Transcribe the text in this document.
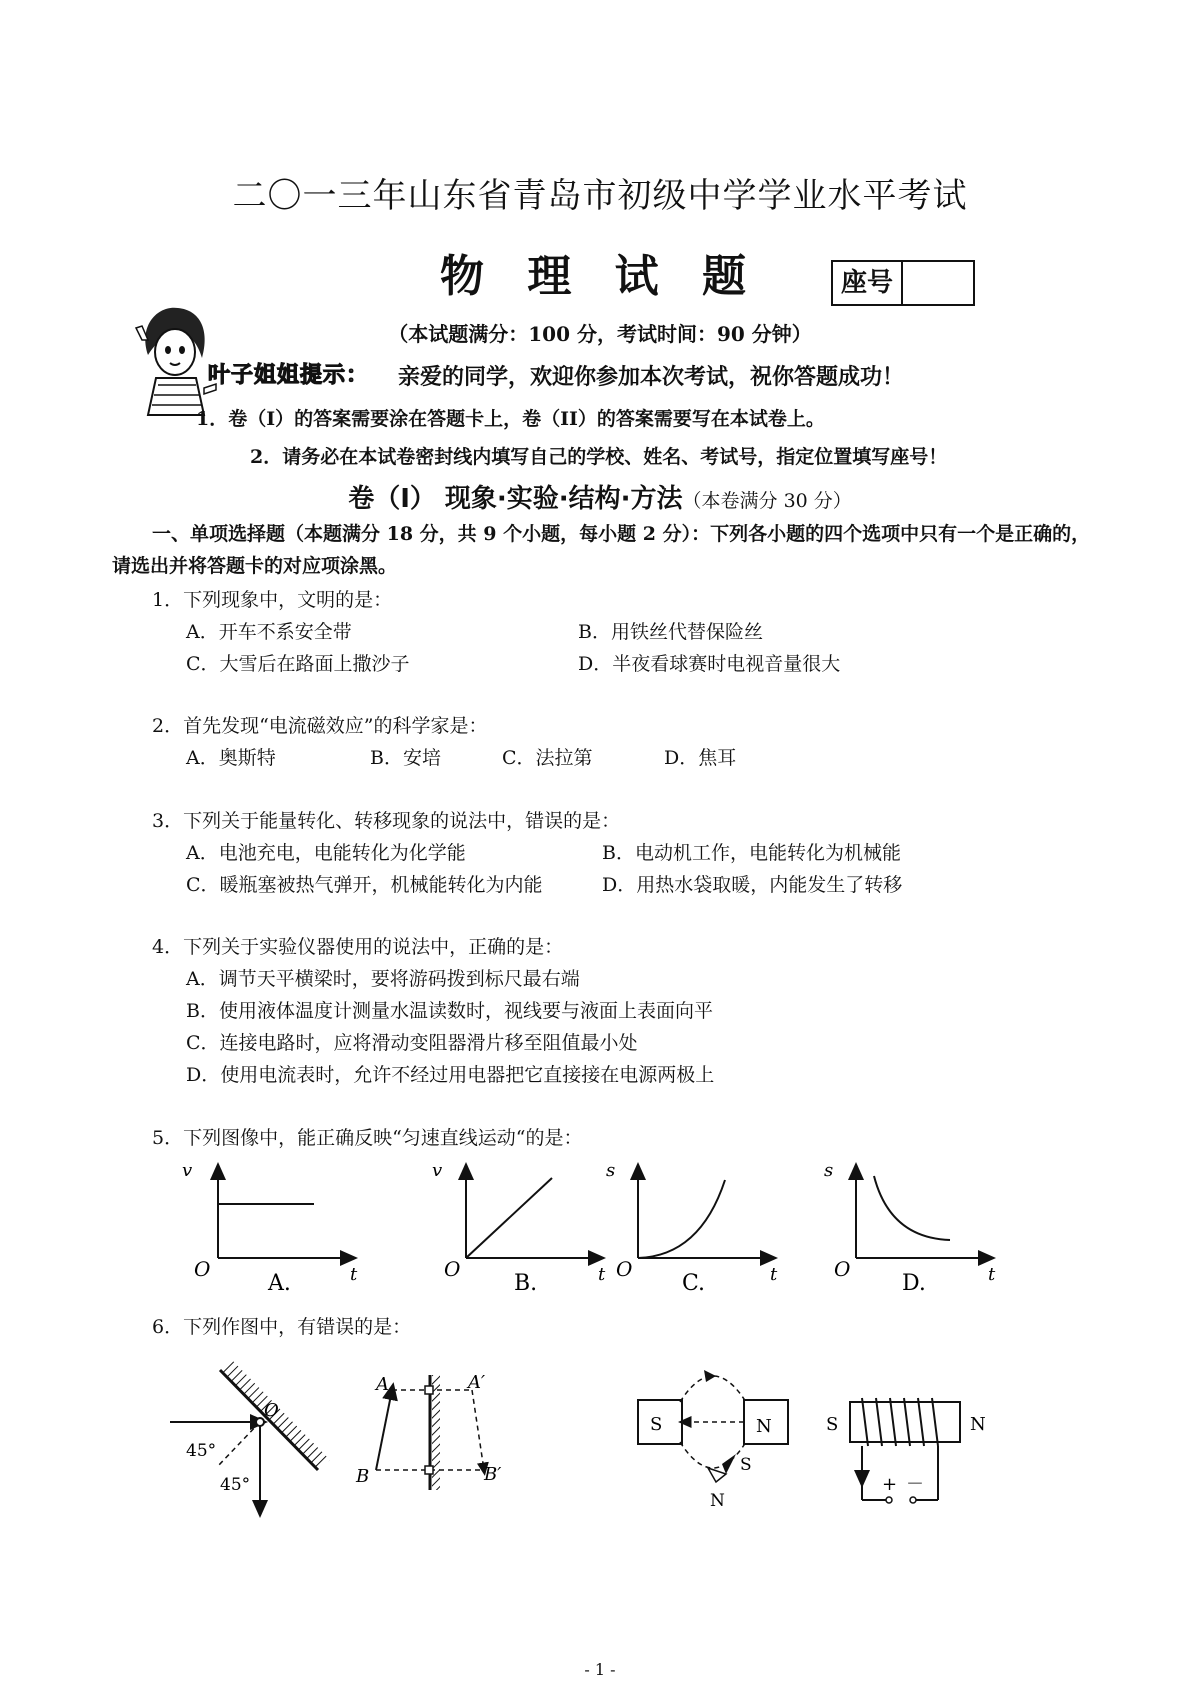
二〇一三年山东省青岛市初级中学学业水平考试
物 理 试 题	座号
（本试题满分：100 分，考试时间：90 分钟）
叶子姐姐提示： 亲爱的同学，欢迎你参加本次考试，祝你答题成功！
1．卷（I）的答案需要涂在答题卡上，卷（II）的答案需要写在本试卷上。
2．请务必在本试卷密封线内填写自己的学校、姓名、考试号，指定位置填写座号！
卷（I） 现象·实验·结构·方法（本卷满分 30 分）
一、单项选择题（本题满分 18 分，共 9 个小题，每小题 2 分）：下列各小题的四个选项中只有一个是正确的，请选出并将答题卡的对应项涂黑。
1．下列现象中，文明的是：
A．开车不系安全带	B．用铁丝代替保险丝
C．大雪后在路面上撒沙子	D．半夜看球赛时电视音量很大
2．首先发现“电流磁效应”的科学家是：
A．奥斯特	B．安培	C．法拉第	D．焦耳
3．下列关于能量转化、转移现象的说法中，错误的是：
A．电池充电，电能转化为化学能	B．电动机工作，电能转化为机械能
C．暖瓶塞被热气弹开，机械能转化为内能	D．用热水袋取暖，内能发生了转移
4．下列关于实验仪器使用的说法中，正确的是：
A．调节天平横梁时，要将游码拨到标尺最右端
B．使用液体温度计测量水温读数时，视线要与液面上表面向平
C．连接电路时，应将滑动变阻器滑片移至阻值最小处
D．使用电流表时，允许不经过用电器把它直接接在电源两极上
5．下列图像中，能正确反映“匀速直线运动“的是：
v
t
O
A.
v
t
O
B.
s
t
O
C.
s
t
O
D.
6．下列作图中，有错误的是：
O
45°
45°
A	A′
B	B′
S	N
S
N
S	N
+ －
- 1 -
